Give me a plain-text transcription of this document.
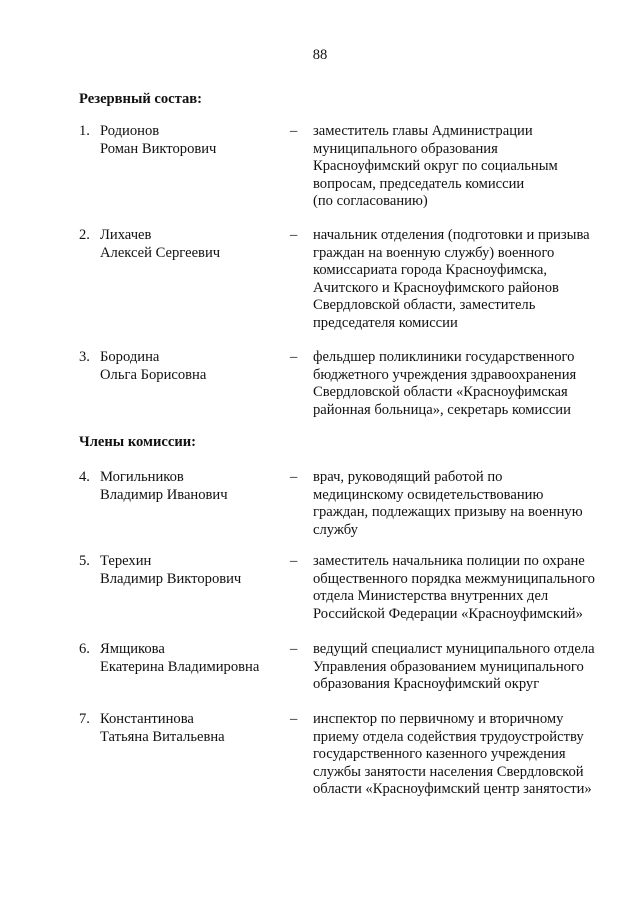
88
Резервный состав:
1. Родионов
Роман Викторович
– заместитель главы Администрации
муниципального образования
Красноуфимский округ по социальным
вопросам, председатель комиссии
(по согласованию)
2. Лихачев
Алексей Сергеевич
– начальник отделения (подготовки и призыва
граждан на военную службу) военного
комиссариата города Красноуфимска,
Ачитского и Красноуфимского районов
Свердловской области, заместитель
председателя комиссии
3. Бородина
Ольга Борисовна
– фельдшер поликлиники государственного
бюджетного учреждения здравоохранения
Свердловской области «Красноуфимская
районная больница», секретарь комиссии
Члены комиссии:
4. Могильников
Владимир Иванович
– врач, руководящий работой по
медицинскому освидетельствованию
граждан, подлежащих призыву на военную
службу
5. Терехин
Владимир Викторович
– заместитель начальника полиции по охране
общественного порядка межмуниципального
отдела Министерства внутренних дел
Российской Федерации «Красноуфимский»
6. Ямщикова
Екатерина Владимировна
– ведущий специалист муниципального отдела
Управления образованием муниципального
образования Красноуфимский округ
7. Константинова
Татьяна Витальевна
– инспектор по первичному и вторичному
приему отдела содействия трудоустройству
государственного казенного учреждения
службы занятости населения Свердловской
области «Красноуфимский центр занятости»
